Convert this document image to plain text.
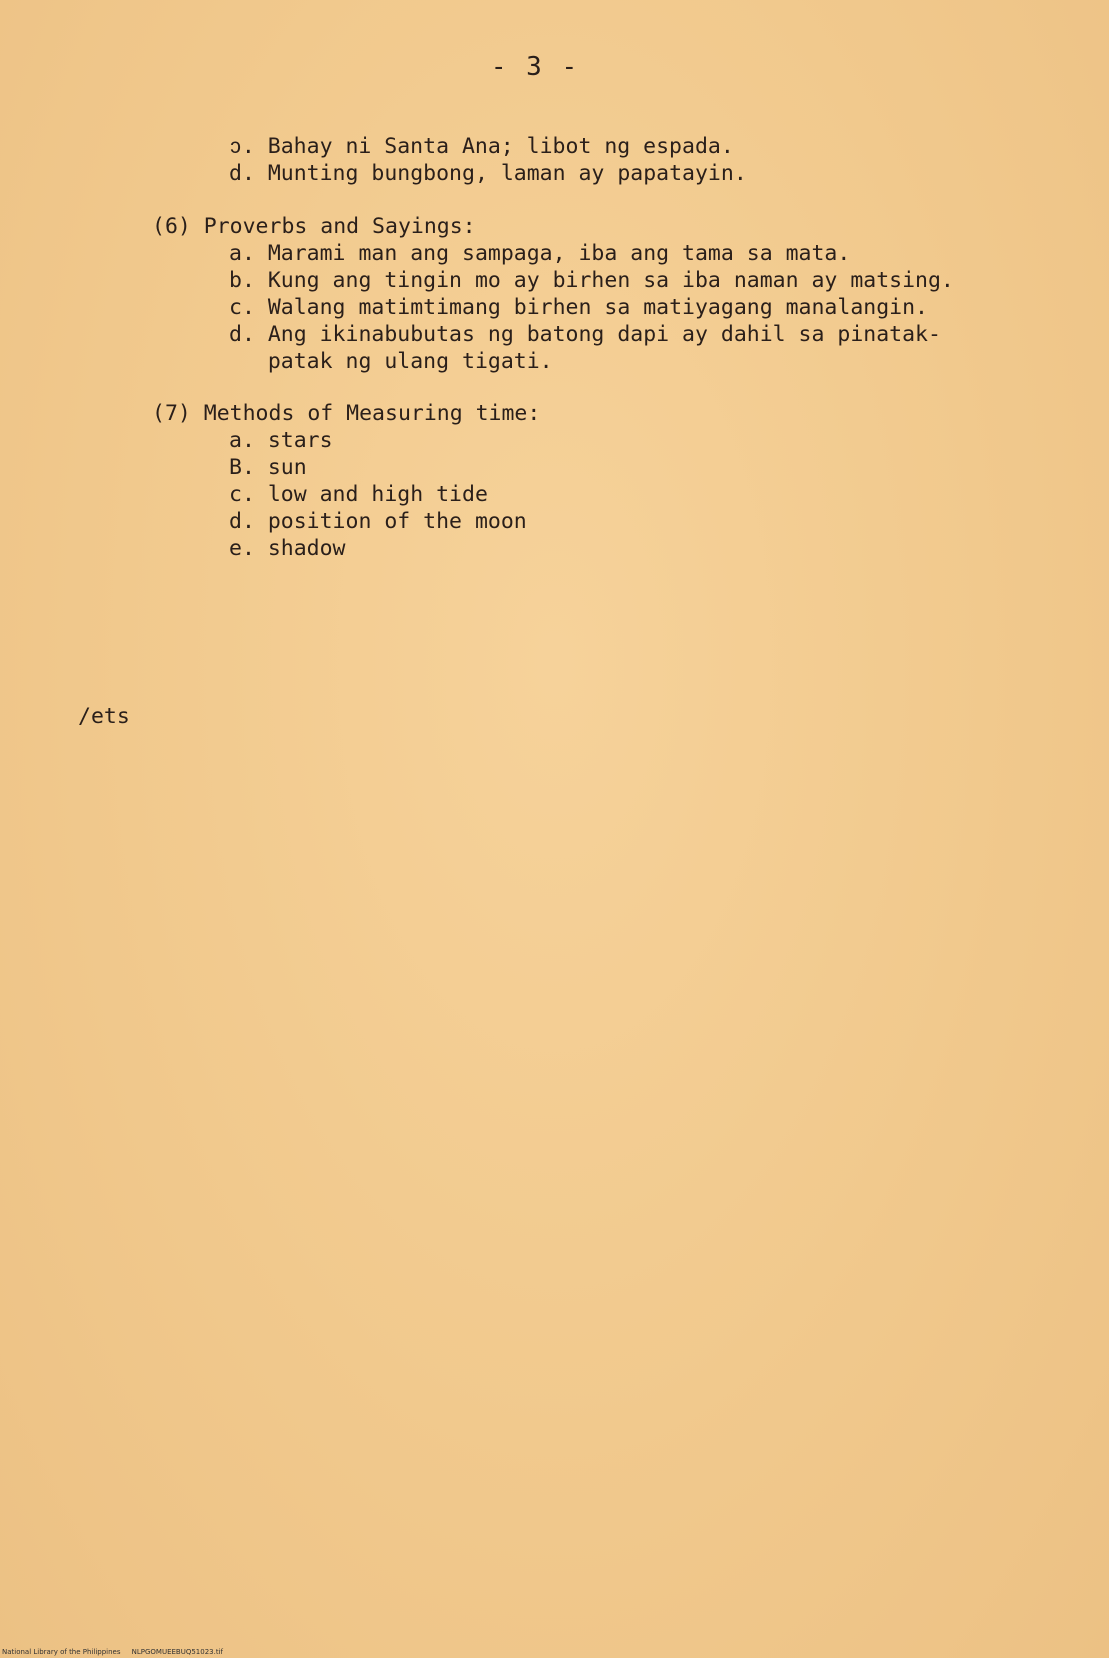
- 3 -
ↄ. Bahay ni Santa Ana; libot ng espada.
d. Munting bungbong, laman ay papatayin.
(6) Proverbs and Sayings:
a. Marami man ang sampaga, iba ang tama sa mata.
b. Kung ang tingin mo ay birhen sa iba naman ay matsing.
c. Walang matimtimang birhen sa matiyagang manalangin.
d. Ang ikinabubutas ng batong dapi ay dahil sa pinatak-
patak ng ulang tigati.
(7) Methods of Measuring time:
a. stars
B. sun
c. low and high tide
d. position of the moon
e. shadow
/ets
National Library of the Philippines     NLPGOMUEEBUQ51023.tif
